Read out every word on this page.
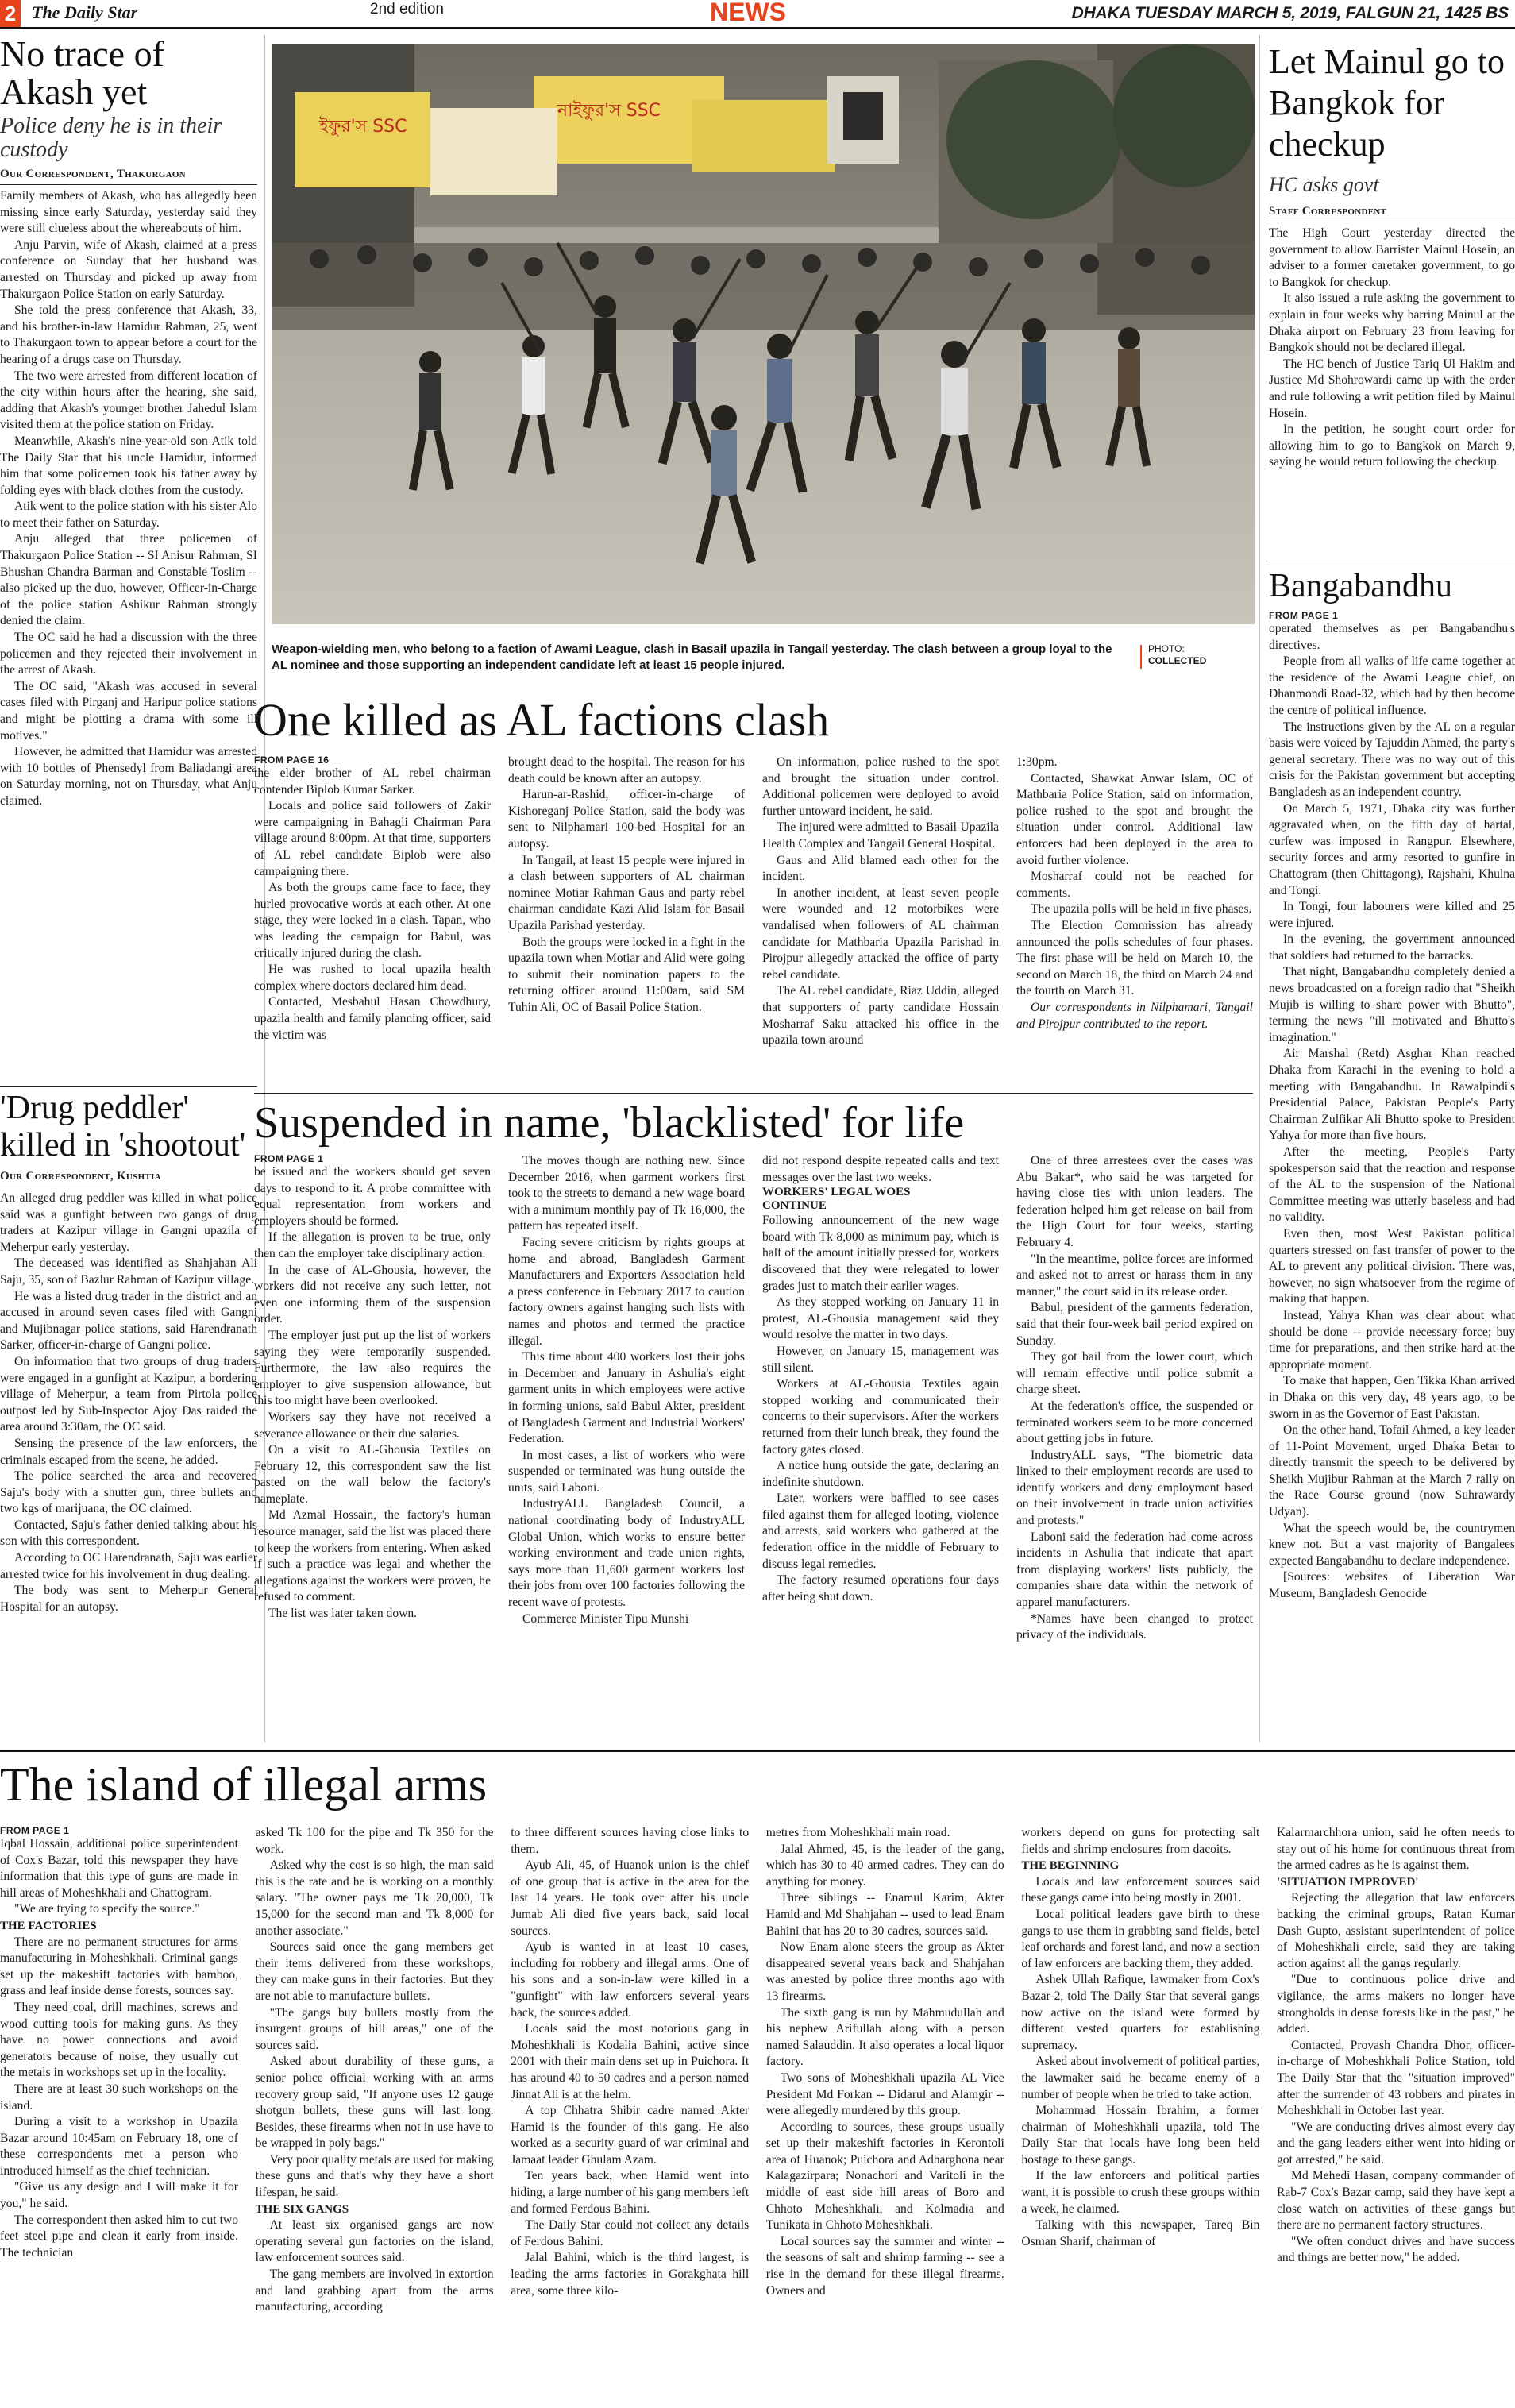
2 The Daily Star	2nd edition	NEWS	DHAKA TUESDAY MARCH 5, 2019, FALGUN 21, 1425 BS
No trace of Akash yet
Police deny he is in their custody
Our Correspondent, Thakurgaon

Family members of Akash, who has allegedly been missing since early Saturday, yesterday said they were still clueless about the whereabouts of him.

Anju Parvin, wife of Akash, claimed at a press conference on Sunday that her husband was arrested on Thursday and picked up away from Thakurgaon Police Station on early Saturday.

She told the press conference that Akash, 33, and his brother-in-law Hamidur Rahman, 25, went to Thakurgaon town to appear before a court for the hearing of a drugs case on Thursday.

The two were arrested from different location of the city within hours after the hearing, she said, adding that Akash's younger brother Jahedul Islam visited them at the police station on Friday.

Meanwhile, Akash's nine-year-old son Atik told The Daily Star that his uncle Hamidur, informed him that some policemen took his father away by folding eyes with black clothes from the custody.

Atik went to the police station with his sister Alo to meet their father on Saturday.

Anju alleged that three policemen of Thakurgaon Police Station -- SI Anisur Rahman, SI Bhushan Chandra Barman and Constable Toslim -- also picked up the duo, however, Officer-in-Charge of the police station Ashikur Rahman strongly denied the claim.

The OC said he had a discussion with the three policemen and they rejected their involvement in the arrest of Akash.

The OC said, "Akash was accused in several cases filed with Pirganj and Haripur police stations and might be plotting a drama with some ill motives."

However, he admitted that Hamidur was arrested with 10 bottles of Phensedyl from Baliadangi area on Saturday morning, not on Thursday, what Anju claimed.

'Drug peddler' killed in 'shootout'
Our Correspondent, Kushtia

An alleged drug peddler was killed in what police said was a gunfight between two gangs of drug traders at Kazipur village in Gangni upazila of Meherpur early yesterday.

The deceased was identified as Shahjahan Ali Saju, 35, son of Bazlur Rahman of Kazipur village.

He was a listed drug trader in the district and an accused in around seven cases filed with Gangni and Mujibnagar police stations, said Harendranath Sarker, officer-in-charge of Gangni police.

On information that two groups of drug traders were engaged in a gunfight at Kazipur, a bordering village of Meherpur, a team from Pirtola police outpost led by Sub-Inspector Ajoy Das raided the area around 3:30am, the OC said.

Sensing the presence of the law enforcers, the criminals escaped from the scene, he added.

The police searched the area and recovered Saju's body with a shutter gun, three bullets and two kgs of marijuana, the OC claimed.

Contacted, Saju's father denied talking about his son with this correspondent.

According to OC Harendranath, Saju was earlier arrested twice for his involvement in drug dealing.

The body was sent to Meherpur General Hospital for an autopsy.

ইফুর'স SSC
নাইফুর'স SSC
Weapon-wielding men, who belong to a faction of Awami League, clash in Basail upazila in Tangail yesterday. The clash between a group loyal to the AL nominee and those supporting an independent candidate left at least 15 people injured.
PHOTO:
COLLECTED
One killed as AL factions clash
FROM PAGE 16

the elder brother of AL rebel chairman contender Biplob Kumar Sarker.

Locals and police said followers of Zakir were campaigning in Bahagli Chairman Para village around 8:00pm. At that time, supporters of AL rebel candidate Biplob were also campaigning there.

As both the groups came face to face, they hurled provocative words at each other. At one stage, they were locked in a clash. Tapan, who was leading the campaign for Babul, was critically injured during the clash.

He was rushed to local upazila health complex where doctors declared him dead.

Contacted, Mesbahul Hasan Chowdhury, upazila health and family planning officer, said the victim was

brought dead to the hospital. The reason for his death could be known after an autopsy.

Harun-ar-Rashid, officer-in-charge of Kishoreganj Police Station, said the body was sent to Nilphamari 100-bed Hospital for an autopsy.

In Tangail, at least 15 people were injured in a clash between supporters of AL chairman nominee Motiar Rahman Gaus and party rebel chairman candidate Kazi Alid Islam for Basail Upazila Parishad yesterday.

Both the groups were locked in a fight in the upazila town when Motiar and Alid were going to submit their nomination papers to the returning officer around 11:00am, said SM Tuhin Ali, OC of Basail Police Station.

On information, police rushed to the spot and brought the situation under control. Additional policemen were deployed to avoid further untoward incident, he said.

The injured were admitted to Basail Upazila Health Complex and Tangail General Hospital.

Gaus and Alid blamed each other for the incident.

In another incident, at least seven people were wounded and 12 motorbikes were vandalised when followers of AL chairman candidate for Mathbaria Upazila Parishad in Pirojpur allegedly attacked the office of party rebel candidate.

The AL rebel candidate, Riaz Uddin, alleged that supporters of party candidate Hossain Mosharraf Saku attacked his office in the upazila town around

1:30pm.

Contacted, Shawkat Anwar Islam, OC of Mathbaria Police Station, said on information, police rushed to the spot and brought the situation under control. Additional law enforcers had been deployed in the area to avoid further violence.

Mosharraf could not be reached for comments.

The upazila polls will be held in five phases.

The Election Commission has already announced the polls schedules of four phases. The first phase will be held on March 10, the second on March 18, the third on March 24 and the fourth on March 31.

Our correspondents in Nilphamari, Tangail and Pirojpur contributed to the report.
Suspended in name, 'blacklisted' for life
FROM PAGE 1

be issued and the workers should get seven days to respond to it. A probe committee with equal representation from workers and employers should be formed.

If the allegation is proven to be true, only then can the employer take disciplinary action.

In the case of AL-Ghousia, however, the workers did not receive any such letter, not even one informing them of the suspension order.

The employer just put up the list of workers saying they were temporarily suspended. Furthermore, the law also requires the employer to give suspension allowance, but this too might have been overlooked.

Workers say they have not received a severance allowance or their due salaries.

On a visit to AL-Ghousia Textiles on February 12, this correspondent saw the list pasted on the wall below the factory's nameplate.

Md Azmal Hossain, the factory's human resource manager, said the list was placed there to keep the workers from entering. When asked if such a practice was legal and whether the allegations against the workers were proven, he refused to comment.

The list was later taken down.

The moves though are nothing new. Since December 2016, when garment workers first took to the streets to demand a new wage board with a minimum monthly pay of Tk 16,000, the pattern has repeated itself.

Facing severe criticism by rights groups at home and abroad, Bangladesh Garment Manufacturers and Exporters Association held a press conference in February 2017 to caution factory owners against hanging such lists with names and photos and termed the practice illegal.

This time about 400 workers lost their jobs in December and January in Ashulia's eight garment units in which employees were active in forming unions, said Babul Akter, president of Bangladesh Garment and Industrial Workers' Federation.

In most cases, a list of workers who were suspended or terminated was hung outside the units, said Laboni.

IndustryALL Bangladesh Council, a national coordinating body of IndustryALL Global Union, which works to ensure better working environment and trade union rights, says more than 11,600 garment workers lost their jobs from over 100 factories following the recent wave of protests.

Commerce Minister Tipu Munshi

did not respond despite repeated calls and text messages over the last two weeks.

WORKERS' LEGAL WOES
CONTINUE

Following announcement of the new wage board with Tk 8,000 as minimum pay, which is half of the amount initially pressed for, workers discovered that they were relegated to lower grades just to match their earlier wages.

As they stopped working on January 11 in protest, AL-Ghousia management said they would resolve the matter in two days.

However, on January 15, management was still silent.

Workers at AL-Ghousia Textiles again stopped working and communicated their concerns to their supervisors. After the workers returned from their lunch break, they found the factory gates closed.

A notice hung outside the gate, declaring an indefinite shutdown.

Later, workers were baffled to see cases filed against them for alleged looting, violence and arrests, said workers who gathered at the federation office in the middle of February to discuss legal remedies.

The factory resumed operations four days after being shut down.

One of three arrestees over the cases was Abu Bakar*, who said he was targeted for having close ties with union leaders. The federation helped him get release on bail from the High Court for four weeks, starting February 4.

"In the meantime, police forces are informed and asked not to arrest or harass them in any manner," the court said in its release order.

Babul, president of the garments federation, said that their four-week bail period expired on Sunday.

They got bail from the lower court, which will remain effective until police submit a charge sheet.

At the federation's office, the suspended or terminated workers seem to be more concerned about getting jobs in future.

IndustryALL says, "The biometric data linked to their employment records are used to identify workers and deny employment based on their involvement in trade union activities and protests."

Laboni said the federation had come across incidents in Ashulia that indicate that apart from displaying workers' lists publicly, the companies share data within the network of apparel manufacturers.

*Names have been changed to protect privacy of the individuals.

Let Mainul go to Bangkok for checkup
HC asks govt
Staff Correspondent

The High Court yesterday directed the government to allow Barrister Mainul Hosein, an adviser to a former caretaker government, to go to Bangkok for checkup.

It also issued a rule asking the government to explain in four weeks why barring Mainul at the Dhaka airport on February 23 from leaving for Bangkok should not be declared illegal.

The HC bench of Justice Tariq Ul Hakim and Justice Md Shohrowardi came up with the order and rule following a writ petition filed by Mainul Hosein.

In the petition, he sought court order for allowing him to go to Bangkok on March 9, saying he would return following the checkup.

Bangabandhu
FROM PAGE 1

operated themselves as per Bangabandhu's directives.

People from all walks of life came together at the residence of the Awami League chief, on Dhanmondi Road-32, which had by then become the centre of political influence.

The instructions given by the AL on a regular basis were voiced by Tajuddin Ahmed, the party's general secretary. There was no way out of this crisis for the Pakistan government but accepting Bangladesh as an independent country.

On March 5, 1971, Dhaka city was further aggravated when, on the fifth day of hartal, curfew was imposed in Rangpur. Elsewhere, security forces and army resorted to gunfire in Chattogram (then Chittagong), Rajshahi, Khulna and Tongi.

In Tongi, four labourers were killed and 25 were injured.

In the evening, the government announced that soldiers had returned to the barracks.

That night, Bangabandhu completely denied a news broadcasted on a foreign radio that "Sheikh Mujib is willing to share power with Bhutto", terming the news "ill motivated and Bhutto's imagination."

Air Marshal (Retd) Asghar Khan reached Dhaka from Karachi in the evening to hold a meeting with Bangabandhu. In Rawalpindi's Presidential Palace, Pakistan People's Party Chairman Zulfikar Ali Bhutto spoke to President Yahya for more than five hours.

After the meeting, People's Party spokesperson said that the reaction and response of the AL to the suspension of the National Committee meeting was utterly baseless and had no validity.

Even then, most West Pakistan political quarters stressed on fast transfer of power to the AL to prevent any political division. There was, however, no sign whatsoever from the regime of making that happen.

Instead, Yahya Khan was clear about what should be done -- provide necessary force; buy time for preparations, and then strike hard at the appropriate moment.

To make that happen, Gen Tikka Khan arrived in Dhaka on this very day, 48 years ago, to be sworn in as the Governor of East Pakistan.

On the other hand, Tofail Ahmed, a key leader of 11-Point Movement, urged Dhaka Betar to directly transmit the speech to be delivered by Sheikh Mujibur Rahman at the March 7 rally on the Race Course ground (now Suhrawardy Udyan).

What the speech would be, the countrymen knew not. But a vast majority of Bangalees expected Bangabandhu to declare independence.

[Sources: websites of Liberation War Museum, Bangladesh Genocide

The island of illegal arms
FROM PAGE 1

Iqbal Hossain, additional police superintendent of Cox's Bazar, told this newspaper they have information that this type of guns are made in hill areas of Moheshkhali and Chattogram.

"We are trying to specify the source."

THE FACTORIES

There are no permanent structures for arms manufacturing in Moheshkhali. Criminal gangs set up the makeshift factories with bamboo, grass and leaf inside dense forests, sources say.

They need coal, drill machines, screws and wood cutting tools for making guns. As they have no power connections and avoid generators because of noise, they usually cut the metals in workshops set up in the locality.

There are at least 30 such workshops on the island.

During a visit to a workshop in Upazila Bazar around 10:45am on February 18, one of these correspondents met a person who introduced himself as the chief technician.

"Give us any design and I will make it for you," he said.

The correspondent then asked him to cut two feet steel pipe and clean it early from inside. The technician

asked Tk 100 for the pipe and Tk 350 for the work.

Asked why the cost is so high, the man said this is the rate and he is working on a monthly salary. "The owner pays me Tk 20,000, Tk 15,000 for the second man and Tk 8,000 for another associate."

Sources said once the gang members get their items delivered from these workshops, they can make guns in their factories. But they are not able to manufacture bullets.

"The gangs buy bullets mostly from the insurgent groups of hill areas," one of the sources said.

Asked about durability of these guns, a senior police official working with an arms recovery group said, "If anyone uses 12 gauge shotgun bullets, these guns will last long. Besides, these firearms when not in use have to be wrapped in poly bags."

Very poor quality metals are used for making these guns and that's why they have a short lifespan, he said.

THE SIX GANGS

At least six organised gangs are now operating several gun factories on the island, law enforcement sources said.

The gang members are involved in extortion and land grabbing apart from the arms manufacturing, according

to three different sources having close links to them.

Ayub Ali, 45, of Huanok union is the chief of one group that is active in the area for the last 14 years. He took over after his uncle Jumab Ali died five years back, said local sources.

Ayub is wanted in at least 10 cases, including for robbery and illegal arms. One of his sons and a son-in-law were killed in a "gunfight" with law enforcers several years back, the sources added.

Locals said the most notorious gang in Moheshkhali is Kodalia Bahini, active since 2001 with their main dens set up in Puichora. It has around 40 to 50 cadres and a person named Jinnat Ali is at the helm.

A top Chhatra Shibir cadre named Akter Hamid is the founder of this gang. He also worked as a security guard of war criminal and Jamaat leader Ghulam Azam.

Ten years back, when Hamid went into hiding, a large number of his gang members left and formed Ferdous Bahini.

The Daily Star could not collect any details of Ferdous Bahini.

Jalal Bahini, which is the third largest, is leading the arms factories in Gorakghata hill area, some three kilo-

metres from Moheshkhali main road.

Jalal Ahmed, 45, is the leader of the gang, which has 30 to 40 armed cadres. They can do anything for money.

Three siblings -- Enamul Karim, Akter Hamid and Md Shahjahan -- used to lead Enam Bahini that has 20 to 30 cadres, sources said.

Now Enam alone steers the group as Akter disappeared several years back and Shahjahan was arrested by police three months ago with 13 firearms.

The sixth gang is run by Mahmudullah and his nephew Arifullah along with a person named Salauddin. It also operates a local liquor factory.

Two sons of Moheshkhali upazila AL Vice President Md Forkan -- Didarul and Alamgir -- were allegedly murdered by this group.

According to sources, these groups usually set up their makeshift factories in Kerontoli area of Huanok; Puichora and Adharghona near Kalagazirpara; Nonachori and Varitoli in the middle of east side hill areas of Boro and Chhoto Moheshkhali, and Kolmadia and Tunikata in Chhoto Moheshkhali.

Local sources say the summer and winter -- the seasons of salt and shrimp farming -- see a rise in the demand for these illegal firearms. Owners and

workers depend on guns for protecting salt fields and shrimp enclosures from dacoits.

THE BEGINNING

Locals and law enforcement sources said these gangs came into being mostly in 2001.

Local political leaders gave birth to these gangs to use them in grabbing sand fields, betel leaf orchards and forest land, and now a section of law enforcers are backing them, they added.

Ashek Ullah Rafique, lawmaker from Cox's Bazar-2, told The Daily Star that several gangs now active on the island were formed by different vested quarters for establishing supremacy.

Asked about involvement of political parties, the lawmaker said he became enemy of a number of people when he tried to take action.

Mohammad Hossain Ibrahim, a former chairman of Moheshkhali upazila, told The Daily Star that locals have long been held hostage to these gangs.

If the law enforcers and political parties want, it is possible to crush these groups within a week, he claimed.

Talking with this newspaper, Tareq Bin Osman Sharif, chairman of

Kalarmarchhora union, said he often needs to stay out of his home for continuous threat from the armed cadres as he is against them.

'SITUATION IMPROVED'

Rejecting the allegation that law enforcers backing the criminal groups, Ratan Kumar Dash Gupto, assistant superintendent of police of Moheshkhali circle, said they are taking action against all the gangs regularly.

"Due to continuous police drive and vigilance, the arms makers no longer have strongholds in dense forests like in the past," he added.

Contacted, Provash Chandra Dhor, officer-in-charge of Moheshkhali Police Station, told The Daily Star that the "situation improved" after the surrender of 43 robbers and pirates in Moheshkhali in October last year.

"We are conducting drives almost every day and the gang leaders either went into hiding or got arrested," he said.

Md Mehedi Hasan, company commander of Rab-7 Cox's Bazar camp, said they have kept a close watch on activities of these gangs but there are no permanent factory structures.

"We often conduct drives and have success and things are better now," he added.
